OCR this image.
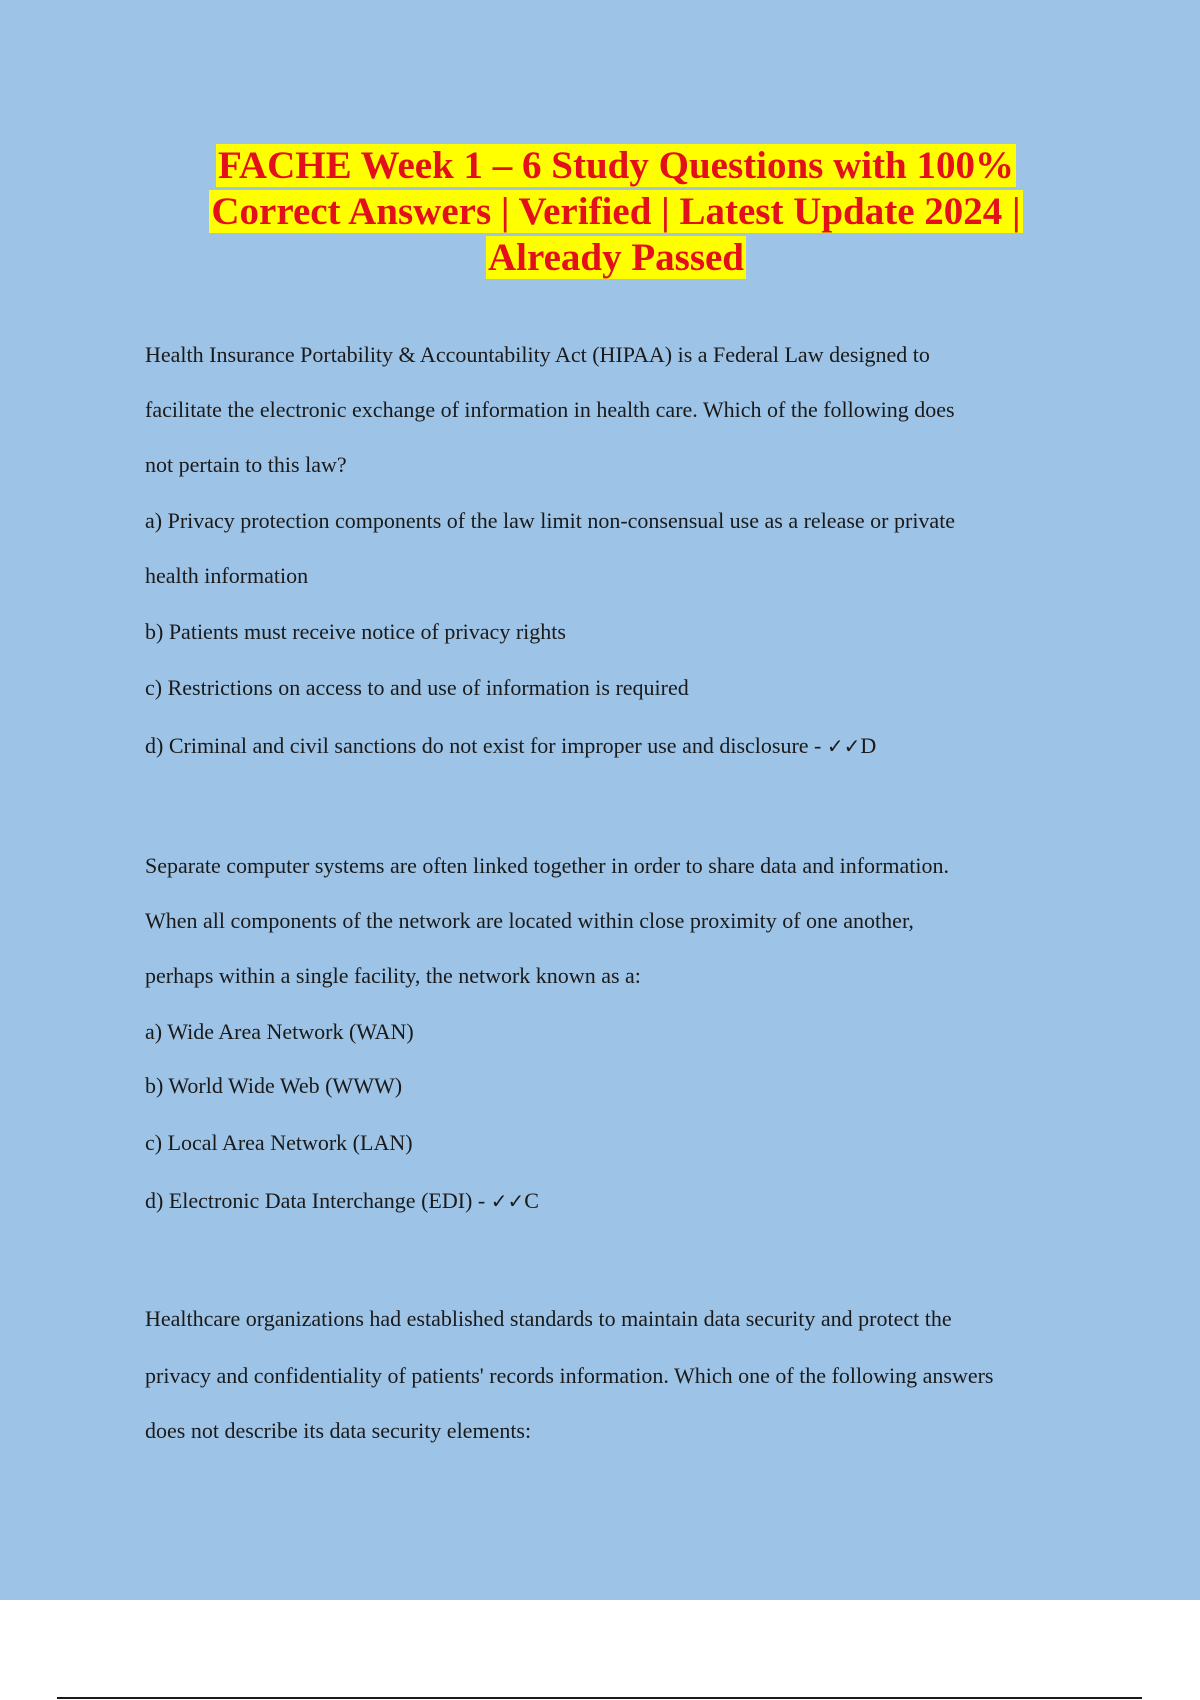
FACHE Week 1 – 6 Study Questions with 100%
Correct Answers | Verified | Latest Update 2024 |
Already Passed
Health Insurance Portability & Accountability Act (HIPAA) is a Federal Law designed to
facilitate the electronic exchange of information in health care. Which of the following does
not pertain to this law?
a) Privacy protection components of the law limit non-consensual use as a release or private
health information
b) Patients must receive notice of privacy rights
c) Restrictions on access to and use of information is required
d) Criminal and civil sanctions do not exist for improper use and disclosure - ✓✓D
Separate computer systems are often linked together in order to share data and information.
When all components of the network are located within close proximity of one another,
perhaps within a single facility, the network known as a:
a) Wide Area Network (WAN)
b) World Wide Web (WWW)
c) Local Area Network (LAN)
d) Electronic Data Interchange (EDI) - ✓✓C
Healthcare organizations had established standards to maintain data security and protect the
privacy and confidentiality of patients' records information. Which one of the following answers
does not describe its data security elements:
